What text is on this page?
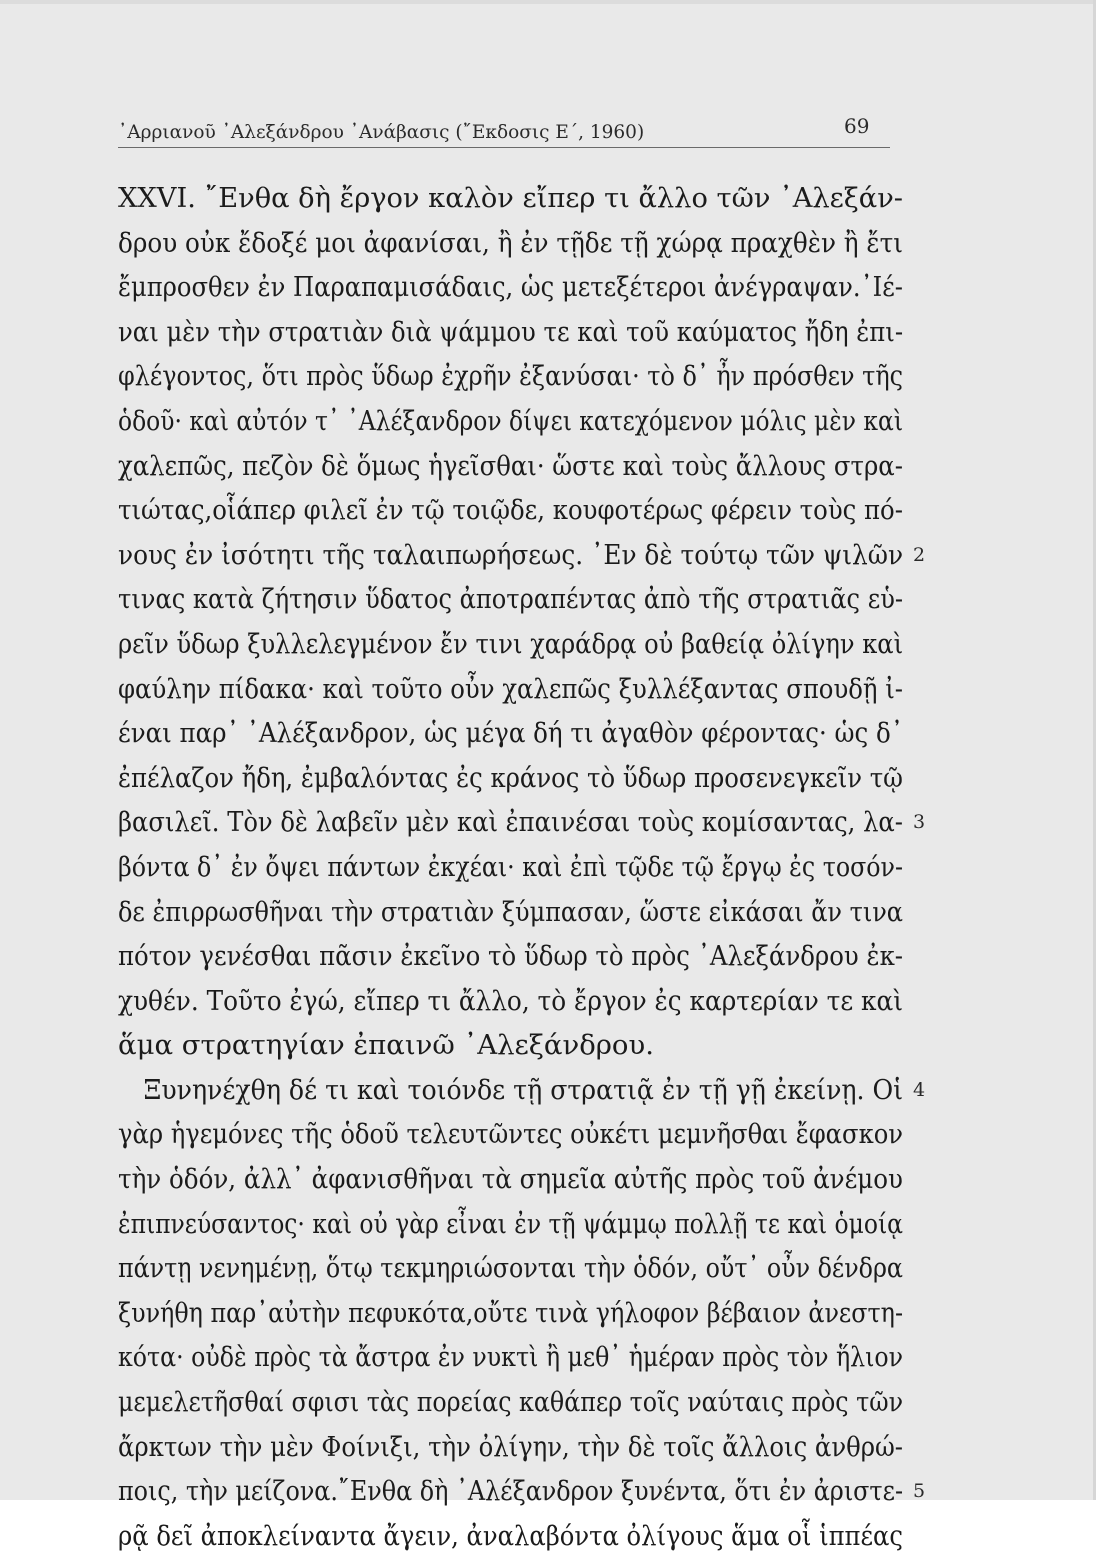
᾿Αρριανοῦ ᾿Αλεξάνδρου ᾿Ανάβασις (῎Εκδοσις Ε΄, 1960)	69
XXVI. ῎Ενθα δὴ ἔργον καλὸν εἴπερ τι ἄλλο τῶν ᾿Αλεξάν-
δρου οὐκ ἔδοξέ μοι ἀφανίσαι, ἢ ἐν τῇδε τῇ χώρᾳ πραχθὲν ἢ ἔτι
ἔμπροσθεν ἐν Παραπαμισάδαις, ὡς μετεξέτεροι ἀνέγραψαν.᾿Ιέ-
ναι μὲν τὴν στρατιὰν διὰ ψάμμου τε καὶ τοῦ καύματος ἤδη ἐπι-
φλέγοντος, ὅτι πρὸς ὕδωρ ἐχρῆν ἐξανύσαι· τὸ δ᾿ ἦν πρόσθεν τῆς
ὁδοῦ· καὶ αὐτόν τ᾿ ᾿Αλέξανδρον δίψει κατεχόμενον μόλις μὲν καὶ
χαλεπῶς, πεζὸν δὲ ὅμως ἡγεῖσθαι· ὥστε καὶ τοὺς ἄλλους στρα-
τιώτας,οἷάπερ φιλεῖ ἐν τῷ τοιῷδε, κουφοτέρως φέρειν τοὺς πό-
νους ἐν ἰσότητι τῆς ταλαιπωρήσεως. ᾿Εν δὲ τούτῳ τῶν ψιλῶν 2
τινας κατὰ ζήτησιν ὕδατος ἀποτραπέντας ἀπὸ τῆς στρατιᾶς εὑ-
ρεῖν ὕδωρ ξυλλελεγμένον ἔν τινι χαράδρᾳ οὐ βαθείᾳ ὀλίγην καὶ
φαύλην πίδακα· καὶ τοῦτο οὖν χαλεπῶς ξυλλέξαντας σπουδῇ ἰ-
έναι παρ᾿ ᾿Αλέξανδρον, ὡς μέγα δή τι ἀγαθὸν φέροντας· ὡς δ᾿
ἐπέλαζον ἤδη, ἐμβαλόντας ἐς κράνος τὸ ὕδωρ προσενεγκεῖν τῷ
βασιλεῖ. Τὸν δὲ λαβεῖν μὲν καὶ ἐπαινέσαι τοὺς κομίσαντας, λα- 3
βόντα δ᾿ ἐν ὄψει πάντων ἐκχέαι· καὶ ἐπὶ τῷδε τῷ ἔργῳ ἐς τοσόν-
δε ἐπιρρωσθῆναι τὴν στρατιὰν ξύμπασαν, ὥστε εἰκάσαι ἄν τινα
πότον γενέσθαι πᾶσιν ἐκεῖνο τὸ ὕδωρ τὸ πρὸς ᾿Αλεξάνδρου ἐκ-
χυθέν. Τοῦτο ἐγώ, εἴπερ τι ἄλλο, τὸ ἔργον ἐς καρτερίαν τε καὶ
ἅμα στρατηγίαν ἐπαινῶ ᾿Αλεξάνδρου.
Ξυνηνέχθη δέ τι καὶ τοιόνδε τῇ στρατιᾷ ἐν τῇ γῇ ἐκείνῃ. Οἱ 4
γὰρ ἡγεμόνες τῆς ὁδοῦ τελευτῶντες οὐκέτι μεμνῆσθαι ἔφασκον
τὴν ὁδόν, ἀλλ᾿ ἀφανισθῆναι τὰ σημεῖα αὐτῆς πρὸς τοῦ ἀνέμου
ἐπιπνεύσαντος· καὶ οὐ γὰρ εἶναι ἐν τῇ ψάμμῳ πολλῇ τε καὶ ὁμοίᾳ
πάντῃ νενημένῃ, ὅτῳ τεκμηριώσονται τὴν ὁδόν, οὔτ᾿ οὖν δένδρα
ξυνήθη παρ᾿αὐτὴν πεφυκότα,οὔτε τινὰ γήλοφον βέβαιον ἀνεστη-
κότα· οὐδὲ πρὸς τὰ ἄστρα ἐν νυκτὶ ἢ μεθ᾿ ἡμέραν πρὸς τὸν ἥλιον
μεμελετῆσθαί σφισι τὰς πορείας καθάπερ τοῖς ναύταις πρὸς τῶν
ἄρκτων τὴν μὲν Φοίνιξι, τὴν ὀλίγην, τὴν δὲ τοῖς ἄλλοις ἀνθρώ-
ποις, τὴν μείζονα.῎Ενθα δὴ ᾿Αλέξανδρον ξυνέντα, ὅτι ἐν ἀριστε- 5
ρᾷ δεῖ ἀποκλείναντα ἄγειν, ἀναλαβόντα ὀλίγους ἅμα οἷ ἱππέας
